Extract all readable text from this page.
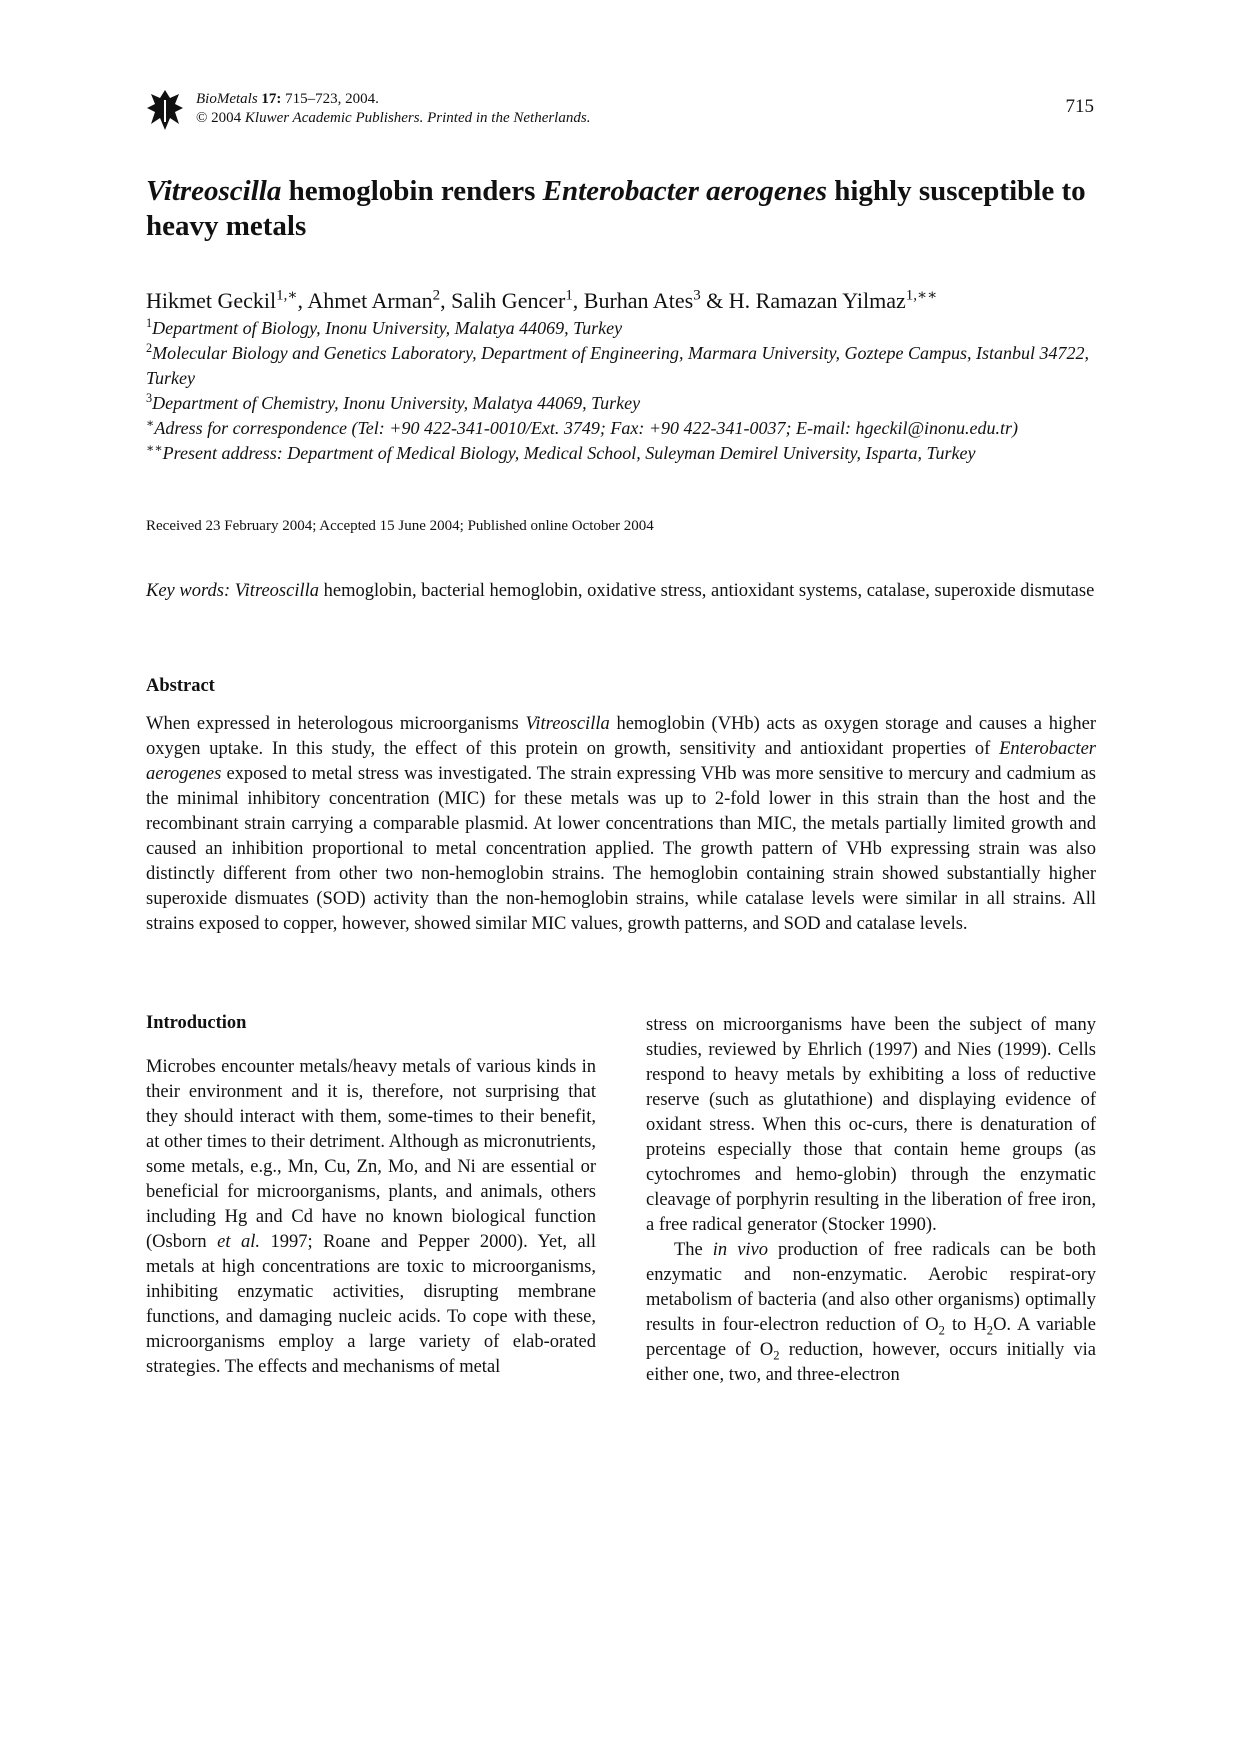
BioMetals 17: 715–723, 2004.
© 2004 Kluwer Academic Publishers. Printed in the Netherlands.
715
Vitreoscilla hemoglobin renders Enterobacter aerogenes highly susceptible to heavy metals
Hikmet Geckil$^{1,∗}$, Ahmet Arman$^2$, Salih Gencer$^1$, Burhan Ates$^3$ & H. Ramazan Yilmaz$^{1,∗∗}$

$^1$Department of Biology, Inonu University, Malatya 44069, Turkey

$^2$Molecular Biology and Genetics Laboratory, Department of Engineering, Marmara University, Goztepe Campus, Istanbul 34722, Turkey

$^3$Department of Chemistry, Inonu University, Malatya 44069, Turkey

∗Adress for correspondence (Tel: +90 422-341-0010/Ext. 3749; Fax: +90 422-341-0037; E-mail: hgeckil@inonu.edu.tr)

∗∗Present address: Department of Medical Biology, Medical School, Suleyman Demirel University, Isparta, Turkey

Received 23 February 2004; Accepted 15 June 2004; Published online October 2004
Key words: Vitreoscilla hemoglobin, bacterial hemoglobin, oxidative stress, antioxidant systems, catalase, superoxide dismutase
Abstract
When expressed in heterologous microorganisms Vitreoscilla hemoglobin (VHb) acts as oxygen storage and causes a higher oxygen uptake. In this study, the effect of this protein on growth, sensitivity and antioxidant properties of Enterobacter aerogenes exposed to metal stress was investigated. The strain expressing VHb was more sensitive to mercury and cadmium as the minimal inhibitory concentration (MIC) for these metals was up to 2-fold lower in this strain than the host and the recombinant strain carrying a comparable plasmid. At lower concentrations than MIC, the metals partially limited growth and caused an inhibition proportional to metal concentration applied. The growth pattern of VHb expressing strain was also distinctly different from other two non-hemoglobin strains. The hemoglobin containing strain showed substantially higher superoxide dismuates (SOD) activity than the non-hemoglobin strains, while catalase levels were similar in all strains. All strains exposed to copper, however, showed similar MIC values, growth patterns, and SOD and catalase levels.
Introduction

Microbes encounter metals/heavy metals of various kinds in their environment and it is, therefore, not surprising that they should interact with them, some-times to their benefit, at other times to their detriment. Although as micronutrients, some metals, e.g., Mn, Cu, Zn, Mo, and Ni are essential or beneficial for microorganisms, plants, and animals, others including Hg and Cd have no known biological function (Osborn et al. 1997; Roane and Pepper 2000). Yet, all metals at high concentrations are toxic to microorganisms, inhibiting enzymatic activities, disrupting membrane functions, and damaging nucleic acids. To cope with these, microorganisms employ a large variety of elab-orated strategies. The effects and mechanisms of metal

stress on microorganisms have been the subject of many studies, reviewed by Ehrlich (1997) and Nies (1999). Cells respond to heavy metals by exhibiting a loss of reductive reserve (such as glutathione) and displaying evidence of oxidant stress. When this oc-curs, there is denaturation of proteins especially those that contain heme groups (as cytochromes and hemo-globin) through the enzymatic cleavage of porphyrin resulting in the liberation of free iron, a free radical generator (Stocker 1990).

The in vivo production of free radicals can be both enzymatic and non-enzymatic. Aerobic respirat-ory metabolism of bacteria (and also other organisms) optimally results in four-electron reduction of $O_2$ to $H_2O$. A variable percentage of $O_2$ reduction, however, occurs initially via either one, two, and three-electron
